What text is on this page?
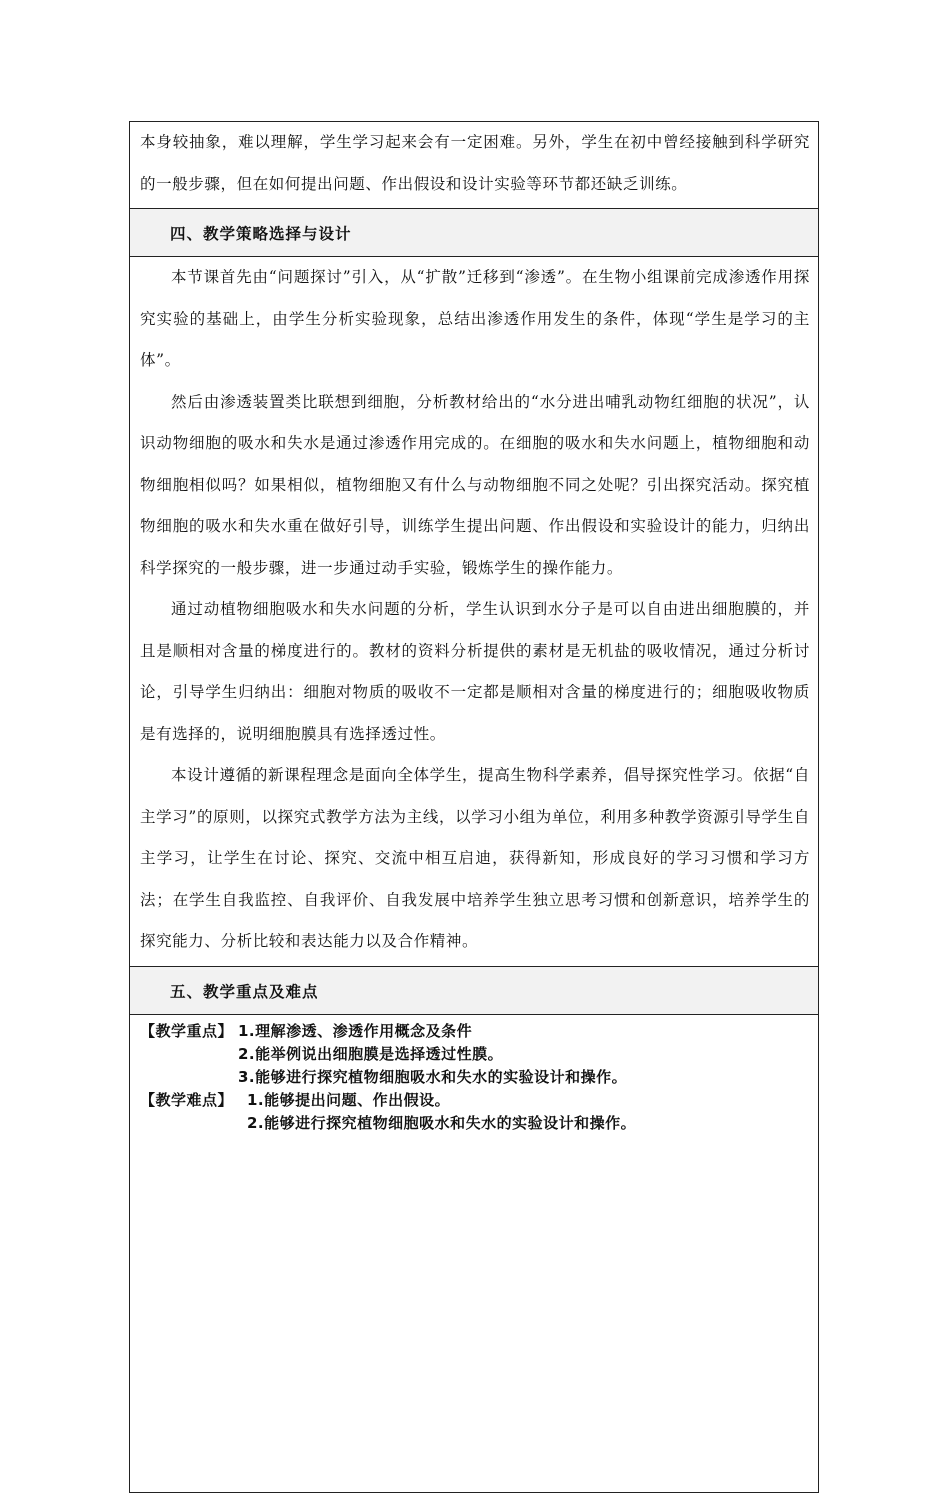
本身较抽象，难以理解，学生学习起来会有一定困难。另外，学生在初中曾经接触到科学研究的一般步骤，但在如何提出问题、作出假设和设计实验等环节都还缺乏训练。

四、教学策略选择与设计

本节课首先由“问题探讨”引入，从“扩散”迁移到“渗透”。在生物小组课前完成渗透作用探究实验的基础上，由学生分析实验现象，总结出渗透作用发生的条件，体现“学生是学习的主体”。

然后由渗透装置类比联想到细胞，分析教材给出的“水分进出哺乳动物红细胞的状况”，认识动物细胞的吸水和失水是通过渗透作用完成的。在细胞的吸水和失水问题上，植物细胞和动物细胞相似吗？如果相似，植物细胞又有什么与动物细胞不同之处呢？引出探究活动。探究植物细胞的吸水和失水重在做好引导，训练学生提出问题、作出假设和实验设计的能力，归纳出科学探究的一般步骤，进一步通过动手实验，锻炼学生的操作能力。

通过动植物细胞吸水和失水问题的分析，学生认识到水分子是可以自由进出细胞膜的，并且是顺相对含量的梯度进行的。教材的资料分析提供的素材是无机盐的吸收情况，通过分析讨论，引导学生归纳出：细胞对物质的吸收不一定都是顺相对含量的梯度进行的；细胞吸收物质是有选择的，说明细胞膜具有选择透过性。

本设计遵循的新课程理念是面向全体学生，提高生物科学素养，倡导探究性学习。依据“自主学习”的原则，以探究式教学方法为主线，以学习小组为单位，利用多种教学资源引导学生自主学习，让学生在讨论、探究、交流中相互启迪，获得新知，形成良好的学习习惯和学习方法；在学生自我监控、自我评价、自我发展中培养学生独立思考习惯和创新意识，培养学生的探究能力、分析比较和表达能力以及合作精神。

五、教学重点及难点
【教学重点】 1.理解渗透、渗透作用概念及条件
2.能举例说出细胞膜是选择透过性膜。
3.能够进行探究植物细胞吸水和失水的实验设计和操作。
【教学难点】 1.能够提出问题、作出假设。
2.能够进行探究植物细胞吸水和失水的实验设计和操作。
